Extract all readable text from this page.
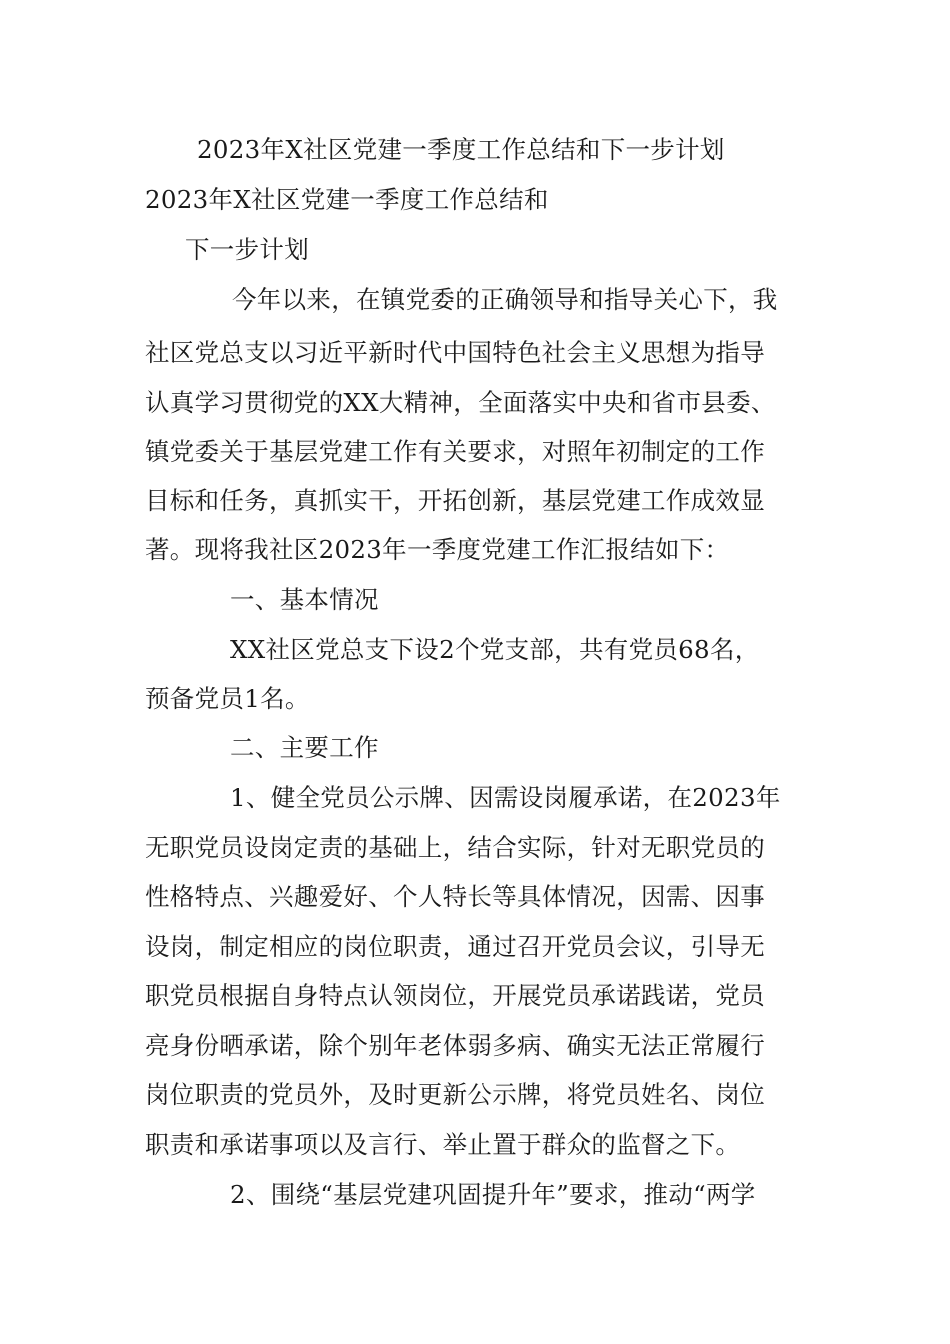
2023年X社区党建一季度工作总结和下一步计划
2023年X社区党建一季度工作总结和
下一步计划
今年以来，在镇党委的正确领导和指导关心下，我
社区党总支以习近平新时代中国特色社会主义思想为指导
认真学习贯彻党的XX大精神，全面落实中央和省市县委、
镇党委关于基层党建工作有关要求，对照年初制定的工作
目标和任务，真抓实干，开拓创新，基层党建工作成效显
著。现将我社区2023年一季度党建工作汇报结如下：
一、基本情况
XX社区党总支下设2个党支部，共有党员68名，
预备党员1名。
二、主要工作
1、健全党员公示牌、因需设岗履承诺，在2023年
无职党员设岗定责的基础上，结合实际，针对无职党员的
性格特点、兴趣爱好、个人特长等具体情况，因需、因事
设岗，制定相应的岗位职责，通过召开党员会议，引导无
职党员根据自身特点认领岗位，开展党员承诺践诺，党员
亮身份晒承诺，除个别年老体弱多病、确实无法正常履行
岗位职责的党员外，及时更新公示牌，将党员姓名、岗位
职责和承诺事项以及言行、举止置于群众的监督之下。
2、围绕“基层党建巩固提升年”要求，推动“两学
